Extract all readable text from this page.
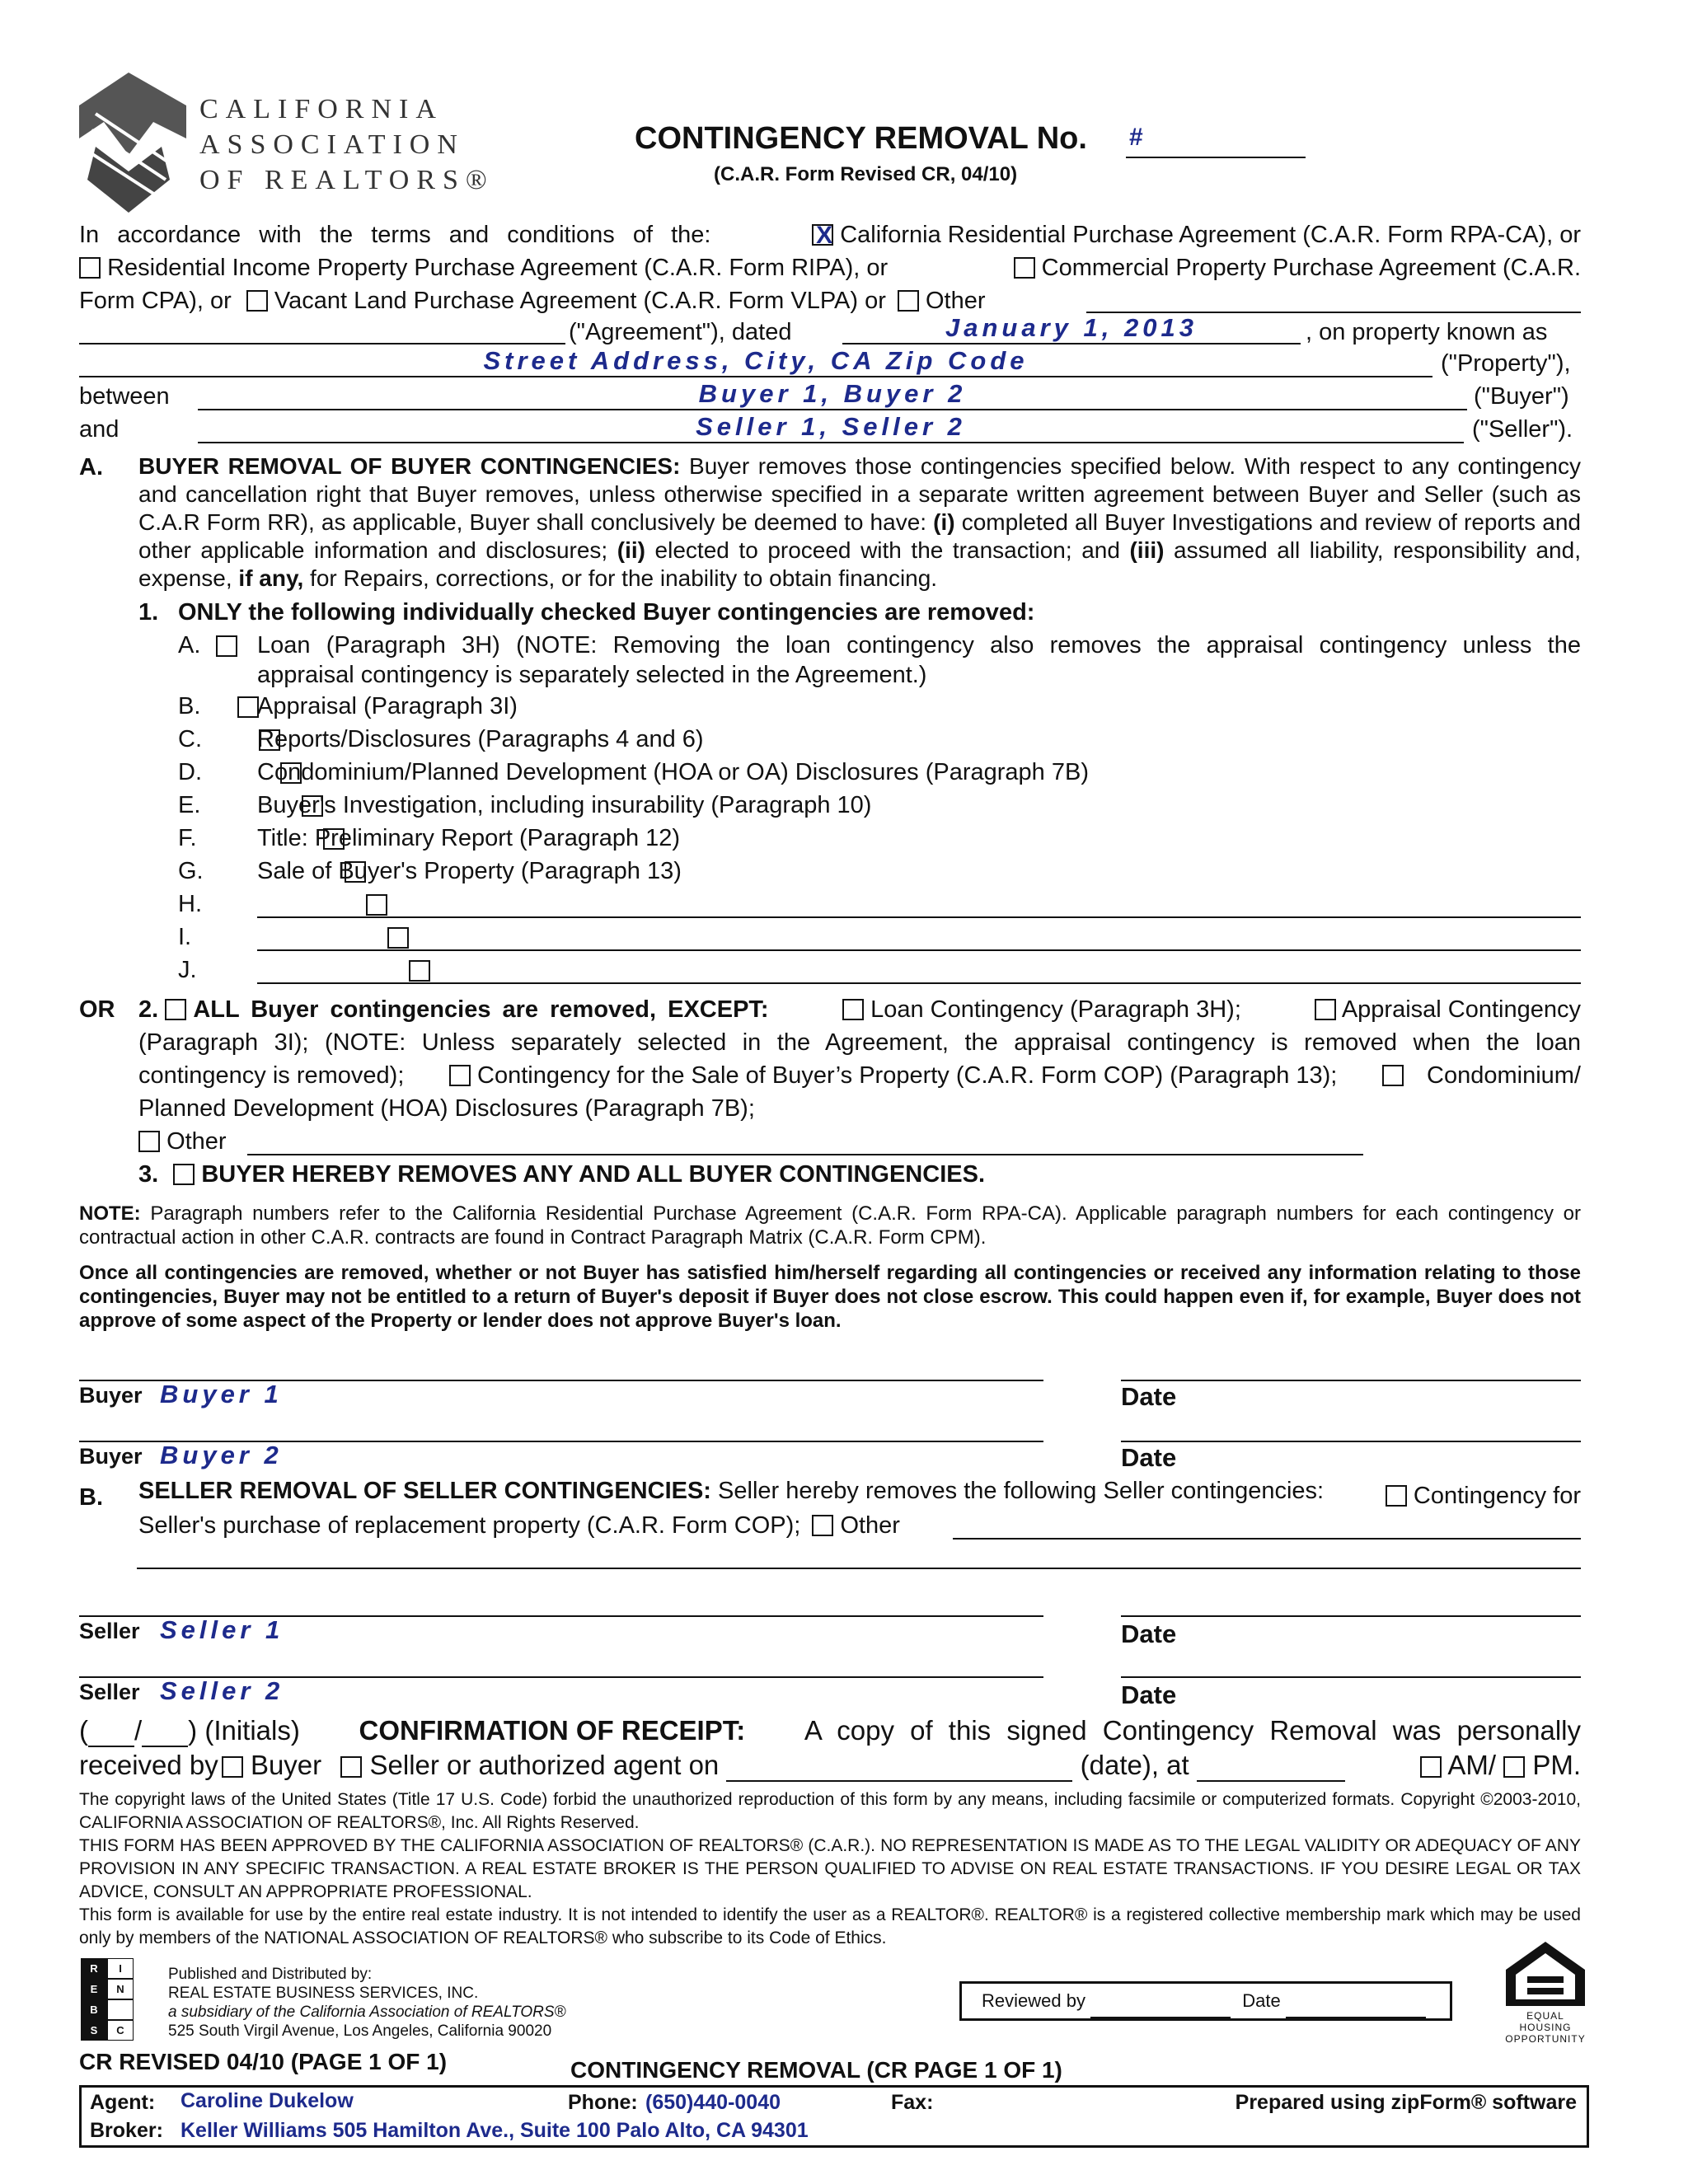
CALIFORNIA
ASSOCIATION
OF REALTORS®
CONTINGENCY REMOVAL No. #
(C.A.R. Form Revised CR, 04/10)
In accordance with the terms and conditions of the:
X	California Residential Purchase Agreement (C.A.R. Form RPA-CA), or
Residential Income Property Purchase Agreement (C.A.R. Form RIPA), or	Commercial Property Purchase Agreement (C.A.R.
Form CPA), or Vacant Land Purchase Agreement (C.A.R. Form VLPA) or Other
("Agreement"), dated	January 1, 2013	, on property known as
Street Address, City, CA Zip Code	("Property"),
between	Buyer 1, Buyer 2	("Buyer")
and	Seller 1, Seller 2	("Seller").
A. BUYER REMOVAL OF BUYER CONTINGENCIES: Buyer removes those contingencies specified below. With respect to any contingency and cancellation right that Buyer removes, unless otherwise specified in a separate written agreement between Buyer and Seller (such as C.A.R Form RR), as applicable, Buyer shall conclusively be deemed to have: (i) completed all Buyer Investigations and review of reports and other applicable information and disclosures; (ii) elected to proceed with the transaction; and (iii) assumed all liability, responsibility and, expense, if any, for Repairs, corrections, or for the inability to obtain financing.
1. ONLY the following individually checked Buyer contingencies are removed:
A. Loan (Paragraph 3H) (NOTE: Removing the loan contingency also removes the appraisal contingency unless the
appraisal contingency is separately selected in the Agreement.)
B. Appraisal (Paragraph 3I)
C. Reports/Disclosures (Paragraphs 4 and 6)
D. Condominium/Planned Development (HOA or OA) Disclosures (Paragraph 7B)
E. Buyer's Investigation, including insurability (Paragraph 10)
F.	Title: Preliminary Report (Paragraph 12)
G. Sale of Buyer's Property (Paragraph 13)
H.
I.
J.
OR 2. ALL Buyer contingencies are removed, EXCEPT:	Loan Contingency (Paragraph 3H);	Appraisal Contingency
(Paragraph 3I); (NOTE: Unless separately selected in the Agreement, the appraisal contingency is removed when the loan
contingency is removed);	Contingency for the Sale of Buyer’s Property (C.A.R. Form COP) (Paragraph 13);	Condominium/
Planned Development (HOA) Disclosures (Paragraph 7B);
Other
3. BUYER HEREBY REMOVES ANY AND ALL BUYER CONTINGENCIES.
NOTE: Paragraph numbers refer to the California Residential Purchase Agreement (C.A.R. Form RPA-CA). Applicable paragraph numbers for each contingency or contractual action in other C.A.R. contracts are found in Contract Paragraph Matrix (C.A.R. Form CPM).
Once all contingencies are removed, whether or not Buyer has satisfied him/herself regarding all contingencies or received any information relating to those contingencies, Buyer may not be entitled to a return of Buyer's deposit if Buyer does not close escrow. This could happen even if, for example, Buyer does not approve of some aspect of the Property or lender does not approve Buyer's loan.
Buyer Buyer 1	Date
Buyer Buyer 2	Date
B. SELLER REMOVAL OF SELLER CONTINGENCIES: Seller hereby removes the following Seller contingencies:	Contingency for
Seller's purchase of replacement property (C.A.R. Form COP); Other
Seller Seller 1	Date
Seller Seller 2	Date
( / ) (Initials) CONFIRMATION OF RECEIPT: A copy of this signed Contingency Removal was personally
received by Buyer Seller or authorized agent on	(date), at	AM/ PM.
The copyright laws of the United States (Title 17 U.S. Code) forbid the unauthorized reproduction of this form by any means, including facsimile or computerized formats. Copyright ©2003-2010, CALIFORNIA ASSOCIATION OF REALTORS®, Inc. All Rights Reserved.
THIS FORM HAS BEEN APPROVED BY THE CALIFORNIA ASSOCIATION OF REALTORS® (C.A.R.). NO REPRESENTATION IS MADE AS TO THE LEGAL VALIDITY OR ADEQUACY OF ANY PROVISION IN ANY SPECIFIC TRANSACTION. A REAL ESTATE BROKER IS THE PERSON QUALIFIED TO ADVISE ON REAL ESTATE TRANSACTIONS. IF YOU DESIRE LEGAL OR TAX ADVICE, CONSULT AN APPROPRIATE PROFESSIONAL.
This form is available for use by the entire real estate industry. It is not intended to identify the user as a REALTOR®. REALTOR® is a registered collective membership mark which may be used only by members of the NATIONAL ASSOCIATION OF REALTORS® who subscribe to its Code of Ethics.
R	I
E	N
B
S	C
Published and Distributed by:
REAL ESTATE BUSINESS SERVICES, INC.
a subsidiary of the California Association of REALTORS®
525 South Virgil Avenue, Los Angeles, California 90020
Reviewed by	Date
EQUAL HOUSING
OPPORTUNITY
CR REVISED 04/10 (PAGE 1 OF 1)	CONTINGENCY REMOVAL (CR PAGE 1 OF 1)
Agent: Caroline Dukelow	Phone: (650)440-0040	Fax:	Prepared using zipForm® software
Broker: Keller Williams 505 Hamilton Ave., Suite 100 Palo Alto, CA 94301
